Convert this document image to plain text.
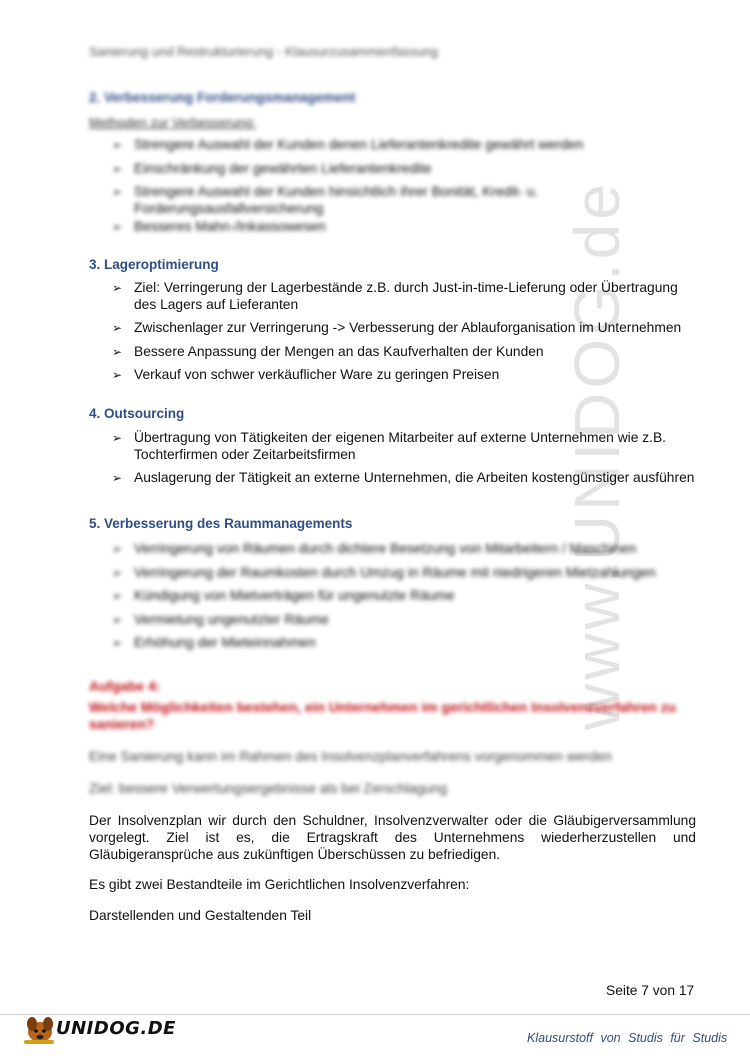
www.UNIDOG.de
Sanierung und Restrukturierung - Klausurzusammenfassung
2. Verbesserung Forderungsmanagement
Methoden zur Verbesserung:
➢ Strengere Auswahl der Kunden denen Lieferantenkredite gewährt werden
➢ Einschränkung der gewährten Lieferantenkredite
➢ Strengere Auswahl der Kunden hinsichtlich ihrer Bonität, Kredit- u. Forderungsausfallversicherung
➢ Besseres Mahn-/Inkassowesen
3. Lageroptimierung
➢ Ziel: Verringerung der Lagerbestände z.B. durch Just-in-time-Lieferung oder Übertragung des Lagers auf Lieferanten
➢ Zwischenlager zur Verringerung -> Verbesserung der Ablauforganisation im Unternehmen
➢ Bessere Anpassung der Mengen an das Kaufverhalten der Kunden
➢ Verkauf von schwer verkäuflicher Ware zu geringen Preisen
4. Outsourcing
➢ Übertragung von Tätigkeiten der eigenen Mitarbeiter auf externe Unternehmen wie z.B. Tochterfirmen oder Zeitarbeitsfirmen
➢ Auslagerung der Tätigkeit an externe Unternehmen, die Arbeiten kostengünstiger ausführen
5. Verbesserung des Raummanagements
➢ Verringerung von Räumen durch dichtere Besetzung von Mitarbeitern / Maschinen
➢ Verringerung der Raumkosten durch Umzug in Räume mit niedrigeren Mietzahlungen
➢ Kündigung von Mietverträgen für ungenutzte Räume
➢ Vermietung ungenutzter Räume
➢ Erhöhung der Mieteinnahmen
Aufgabe 4:
Welche Möglichkeiten bestehen, ein Unternehmen im gerichtlichen Insolvenzverfahren zu sanieren?
Eine Sanierung kann im Rahmen des Insolvenzplanverfahrens vorgenommen werden
Ziel: bessere Verwertungsergebnisse als bei Zerschlagung
Der Insolvenzplan wir durch den Schuldner, Insolvenzverwalter oder die Gläubigerversammlung vorgelegt. Ziel ist es, die Ertragskraft des Unternehmens wiederherzustellen und Gläubigeransprüche aus zukünftigen Überschüssen zu befriedigen.
Es gibt zwei Bestandteile im Gerichtlichen Insolvenzverfahren:
Darstellenden und Gestaltenden Teil
Seite 7 von 17
UNIDOG.DE	Klausurstoff von Studis für Studis
